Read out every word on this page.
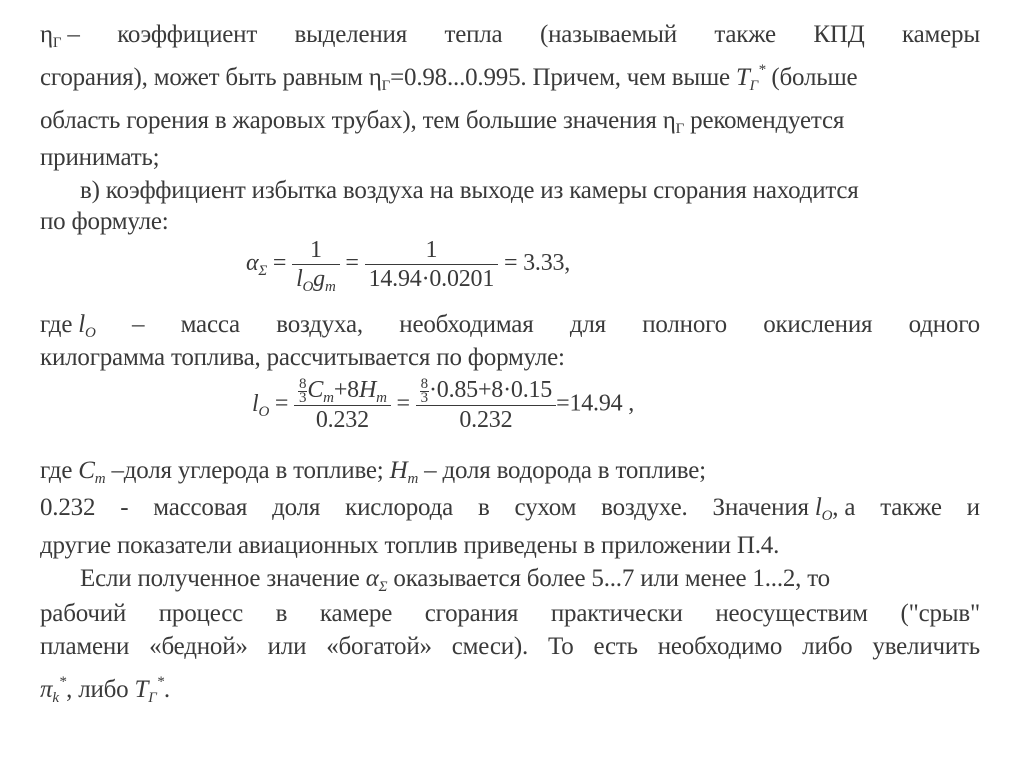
$\eta_Г$ – коэффициент выделения тепла (называемый также КПД камеры
сгорания), может быть равным $\eta_Г=0.98...0.995$. Причем, чем выше $T_Г^*$ (больше
область горения в жаровых трубах), тем большие значения $\eta_Г$ рекомендуется
принимать;
в) коэффициент избытка воздуха на выходе из камеры сгорания находится
по формуле:
$\alpha_\Sigma = \frac{1}{l_Og_т} = \frac{1}{14.94\cdot 0.0201} = 3.33$,
где $l_O$ – масса воздуха, необходимая для полного окисления одного
килограмма топлива, рассчитывается по формуле:
$l_O = \frac{\frac{8}{3} C_т+8H_т}{0.232} = \frac{\frac{8}{3} \cdot 0.85+8\cdot 0.15}{0.232} =14.94$ ,
где $C_т$ –доля углерода в топливе; $H_т$ – доля водорода в топливе;
0.232 - массовая доля кислорода в сухом воздухе. Значения $l_O$, а также и
другие показатели авиационных топлив приведены в приложении П.4.
Если полученное значение $\alpha_\Sigma$ оказывается более 5...7 или менее 1...2, то
рабочий процесс в камере сгорания практически неосуществим ("срыв"
пламени «бедной» или «богатой» смеси). То есть необходимо либо увеличить
$\pi_k^*$, либо $T_Г^*$.
